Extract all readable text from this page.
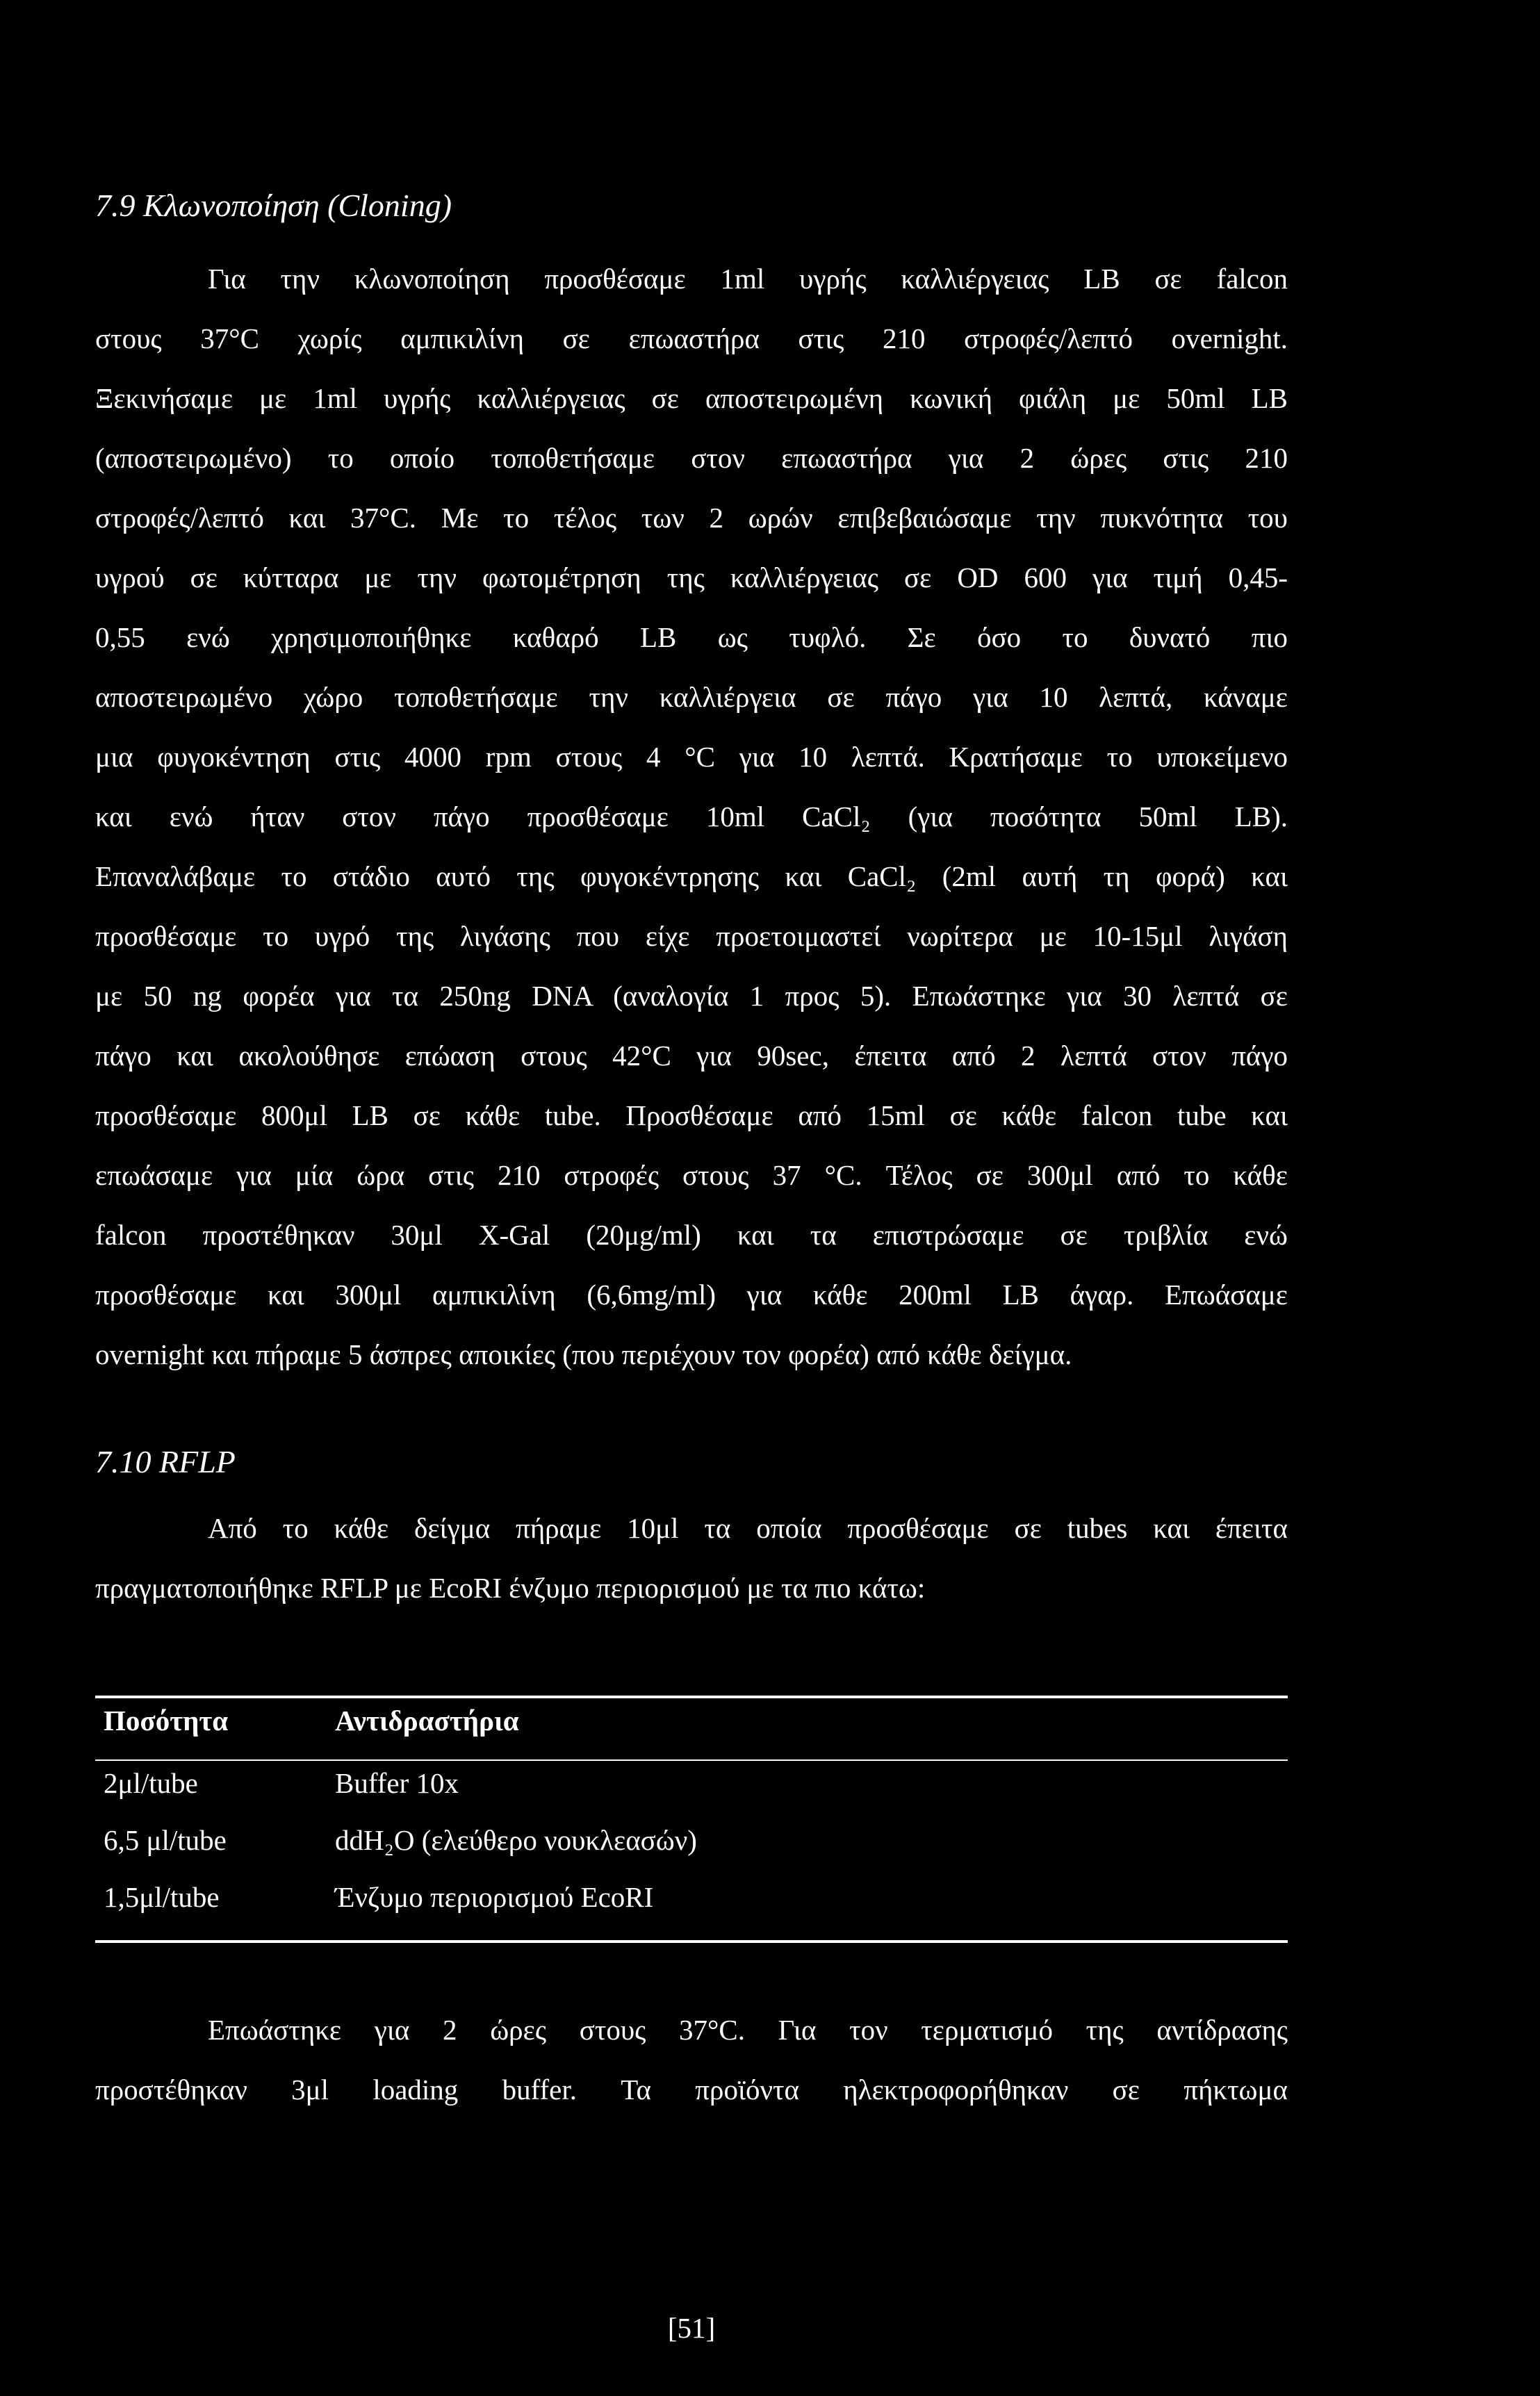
7.9 Κλωνοποίηση (Cloning)
Για την κλωνοποίηση προσθέσαμε 1ml υγρής καλλιέργειας LB σε falcon
στους 37°C χωρίς αμπικιλίνη σε επωαστήρα στις 210 στροφές/λεπτό overnight.
Ξεκινήσαμε με 1ml υγρής καλλιέργειας σε αποστειρωμένη κωνική φιάλη με 50ml LB
(αποστειρωμένο) το οποίο τοποθετήσαμε στον επωαστήρα για 2 ώρες στις 210
στροφές/λεπτό και 37°C. Με το τέλος των 2 ωρών επιβεβαιώσαμε την πυκνότητα του
υγρού σε κύτταρα με την φωτομέτρηση της καλλιέργειας σε OD 600 για τιμή 0,45-
0,55 ενώ χρησιμοποιήθηκε καθαρό LB ως τυφλό. Σε όσο το δυνατό πιο
αποστειρωμένο χώρο τοποθετήσαμε την καλλιέργεια σε πάγο για 10 λεπτά, κάναμε
μια φυγοκέντηση στις 4000 rpm στους 4 °C για 10 λεπτά. Κρατήσαμε το υποκείμενο
και ενώ ήταν στον πάγο προσθέσαμε 10ml CaCl₂ (για ποσότητα 50ml LB).
Επαναλάβαμε το στάδιο αυτό της φυγοκέντρησης και CaCl₂ (2ml αυτή τη φορά) και
προσθέσαμε το υγρό της λιγάσης που είχε προετοιμαστεί νωρίτερα με 10-15μl λιγάση
με 50 ng φορέα για τα 250ng DNA (αναλογία 1 προς 5). Επωάστηκε για 30 λεπτά σε
πάγο και ακολούθησε επώαση στους 42°C για 90sec, έπειτα από 2 λεπτά στον πάγο
προσθέσαμε 800μl LB σε κάθε tube. Προσθέσαμε από 15ml σε κάθε falcon tube και
επωάσαμε για μία ώρα στις 210 στροφές στους 37 °C. Τέλος σε 300μl από το κάθε
falcon προστέθηκαν 30μl X-Gal (20μg/ml) και τα επιστρώσαμε σε τριβλία ενώ
προσθέσαμε και 300μl αμπικιλίνη (6,6mg/ml) για κάθε 200ml LB άγαρ. Επωάσαμε
overnight και πήραμε 5 άσπρες αποικίες (που περιέχουν τον φορέα) από κάθε δείγμα.
7.10 RFLP
Από το κάθε δείγμα πήραμε 10μl τα οποία προσθέσαμε σε tubes και έπειτα
πραγματοποιήθηκε RFLP με EcoRI ένζυμο περιορισμού με τα πιο κάτω:
Ποσότητα	Αντιδραστήρια
2μl/tube	Buffer 10x
6,5 μl/tube	ddH₂O (ελεύθερο νουκλεασών)
1,5μl/tube	Ένζυμο περιορισμού EcoRI
Επωάστηκε για 2 ώρες στους 37°C. Για τον τερματισμό της αντίδρασης
προστέθηκαν 3μl loading buffer. Τα προϊόντα ηλεκτροφορήθηκαν σε πήκτωμα
[51]
